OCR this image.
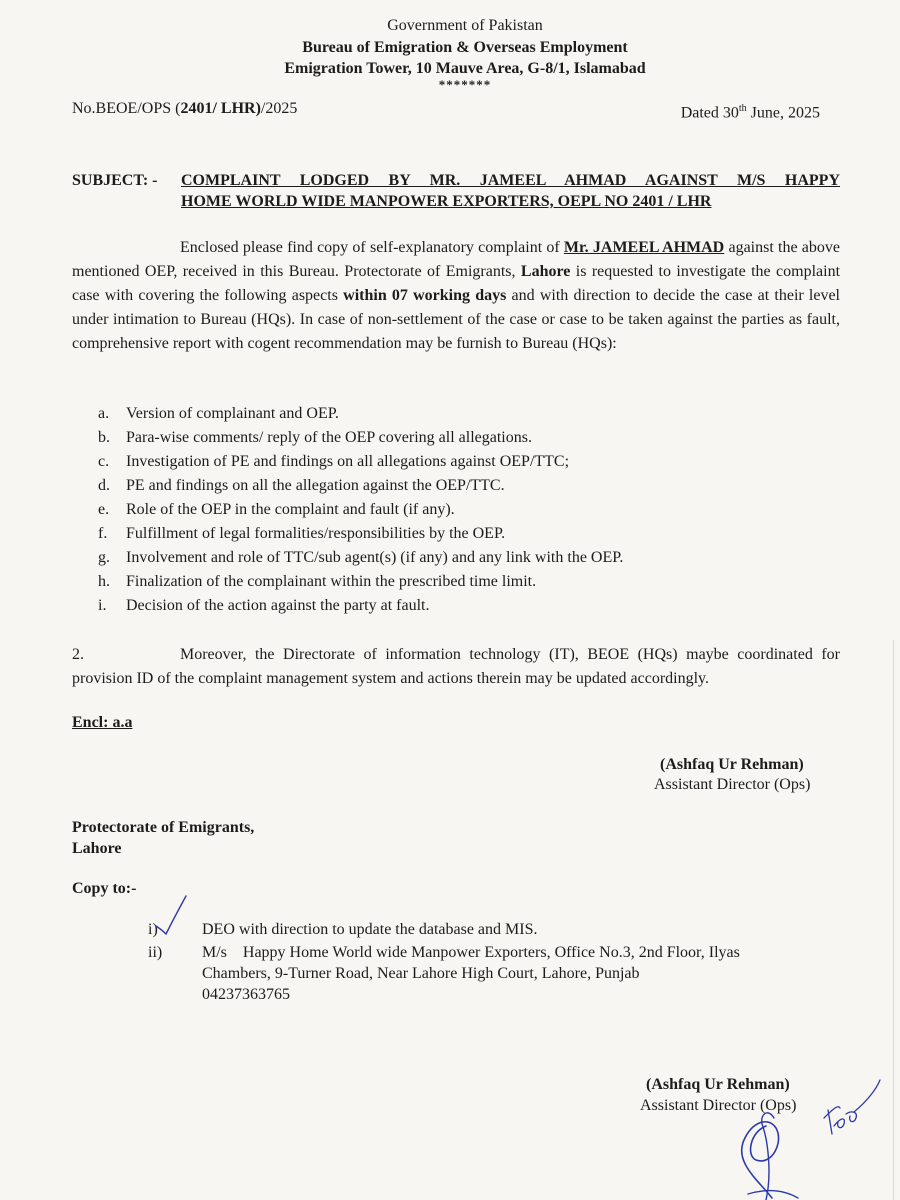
Government of Pakistan
Bureau of Emigration & Overseas Employment
Emigration Tower, 10 Mauve Area, G-8/1, Islamabad
*******
No.BEOE/OPS (2401/ LHR)/2025	Dated 30th June, 2025
SUBJECT: - COMPLAINT LODGED BY MR. JAMEEL AHMAD AGAINST M/S HAPPY
HOME WORLD WIDE MANPOWER EXPORTERS, OEPL NO 2401 / LHR
Enclosed please find copy of self-explanatory complaint of Mr. JAMEEL AHMAD against the above mentioned OEP, received in this Bureau. Protectorate of Emigrants, Lahore is requested to investigate the complaint case with covering the following aspects within 07 working days and with direction to decide the case at their level under intimation to Bureau (HQs). In case of non-settlement of the case or case to be taken against the parties as fault, comprehensive report with cogent recommendation may be furnish to Bureau (HQs):
a. Version of complainant and OEP.
b. Para-wise comments/ reply of the OEP covering all allegations.
c. Investigation of PE and findings on all allegations against OEP/TTC;
d. PE and findings on all the allegation against the OEP/TTC.
e. Role of the OEP in the complaint and fault (if any).
f. Fulfillment of legal formalities/responsibilities by the OEP.
g. Involvement and role of TTC/sub agent(s) (if any) and any link with the OEP.
h. Finalization of the complainant within the prescribed time limit.
i. Decision of the action against the party at fault.
2.	Moreover, the Directorate of information technology (IT), BEOE (HQs) maybe coordinated for provision ID of the complaint management system and actions therein may be updated accordingly.
Encl: a.a
(Ashfaq Ur Rehman)
Assistant Director (Ops)
Protectorate of Emigrants,
Lahore
Copy to:-
i)	DEO with direction to update the database and MIS.
ii) M/s    Happy Home World wide Manpower Exporters, Office No.3, 2nd Floor, Ilyas
Chambers, 9-Turner Road, Near Lahore High Court, Lahore, Punjab
04237363765
(Ashfaq Ur Rehman)
Assistant Director (Ops)
